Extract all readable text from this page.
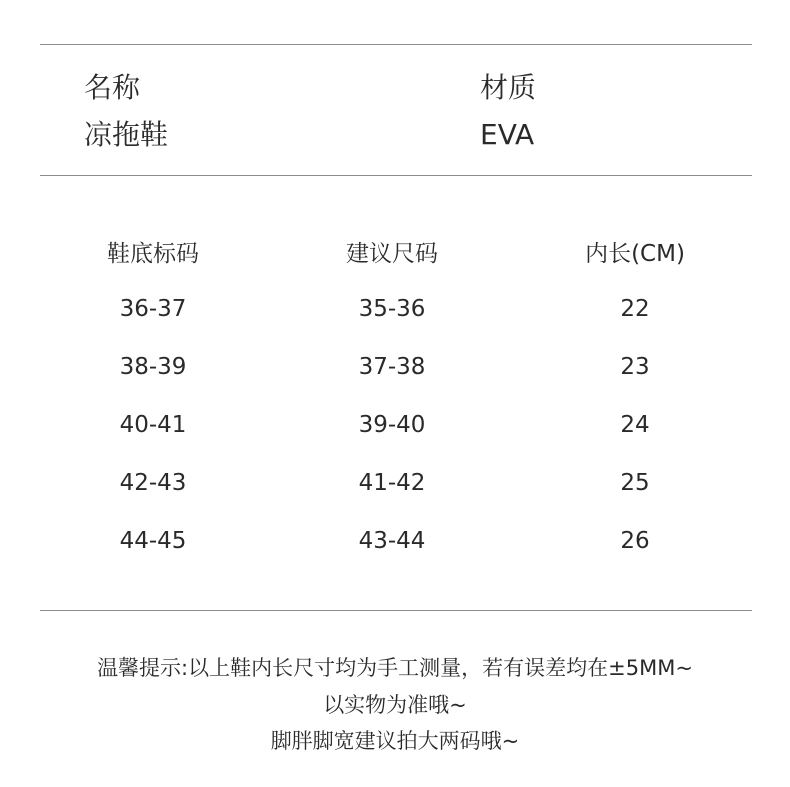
名称	材质
凉拖鞋	EVA
鞋底标码	建议尺码	内长(CM)
36-37	35-36	22
38-39	37-38	23
40-41	39-40	24
42-43	41-42	25
44-45	43-44	26
温馨提示:以上鞋内长尺寸均为手工测量，若有误差均在±5MM~
以实物为准哦~
脚胖脚宽建议拍大两码哦~
